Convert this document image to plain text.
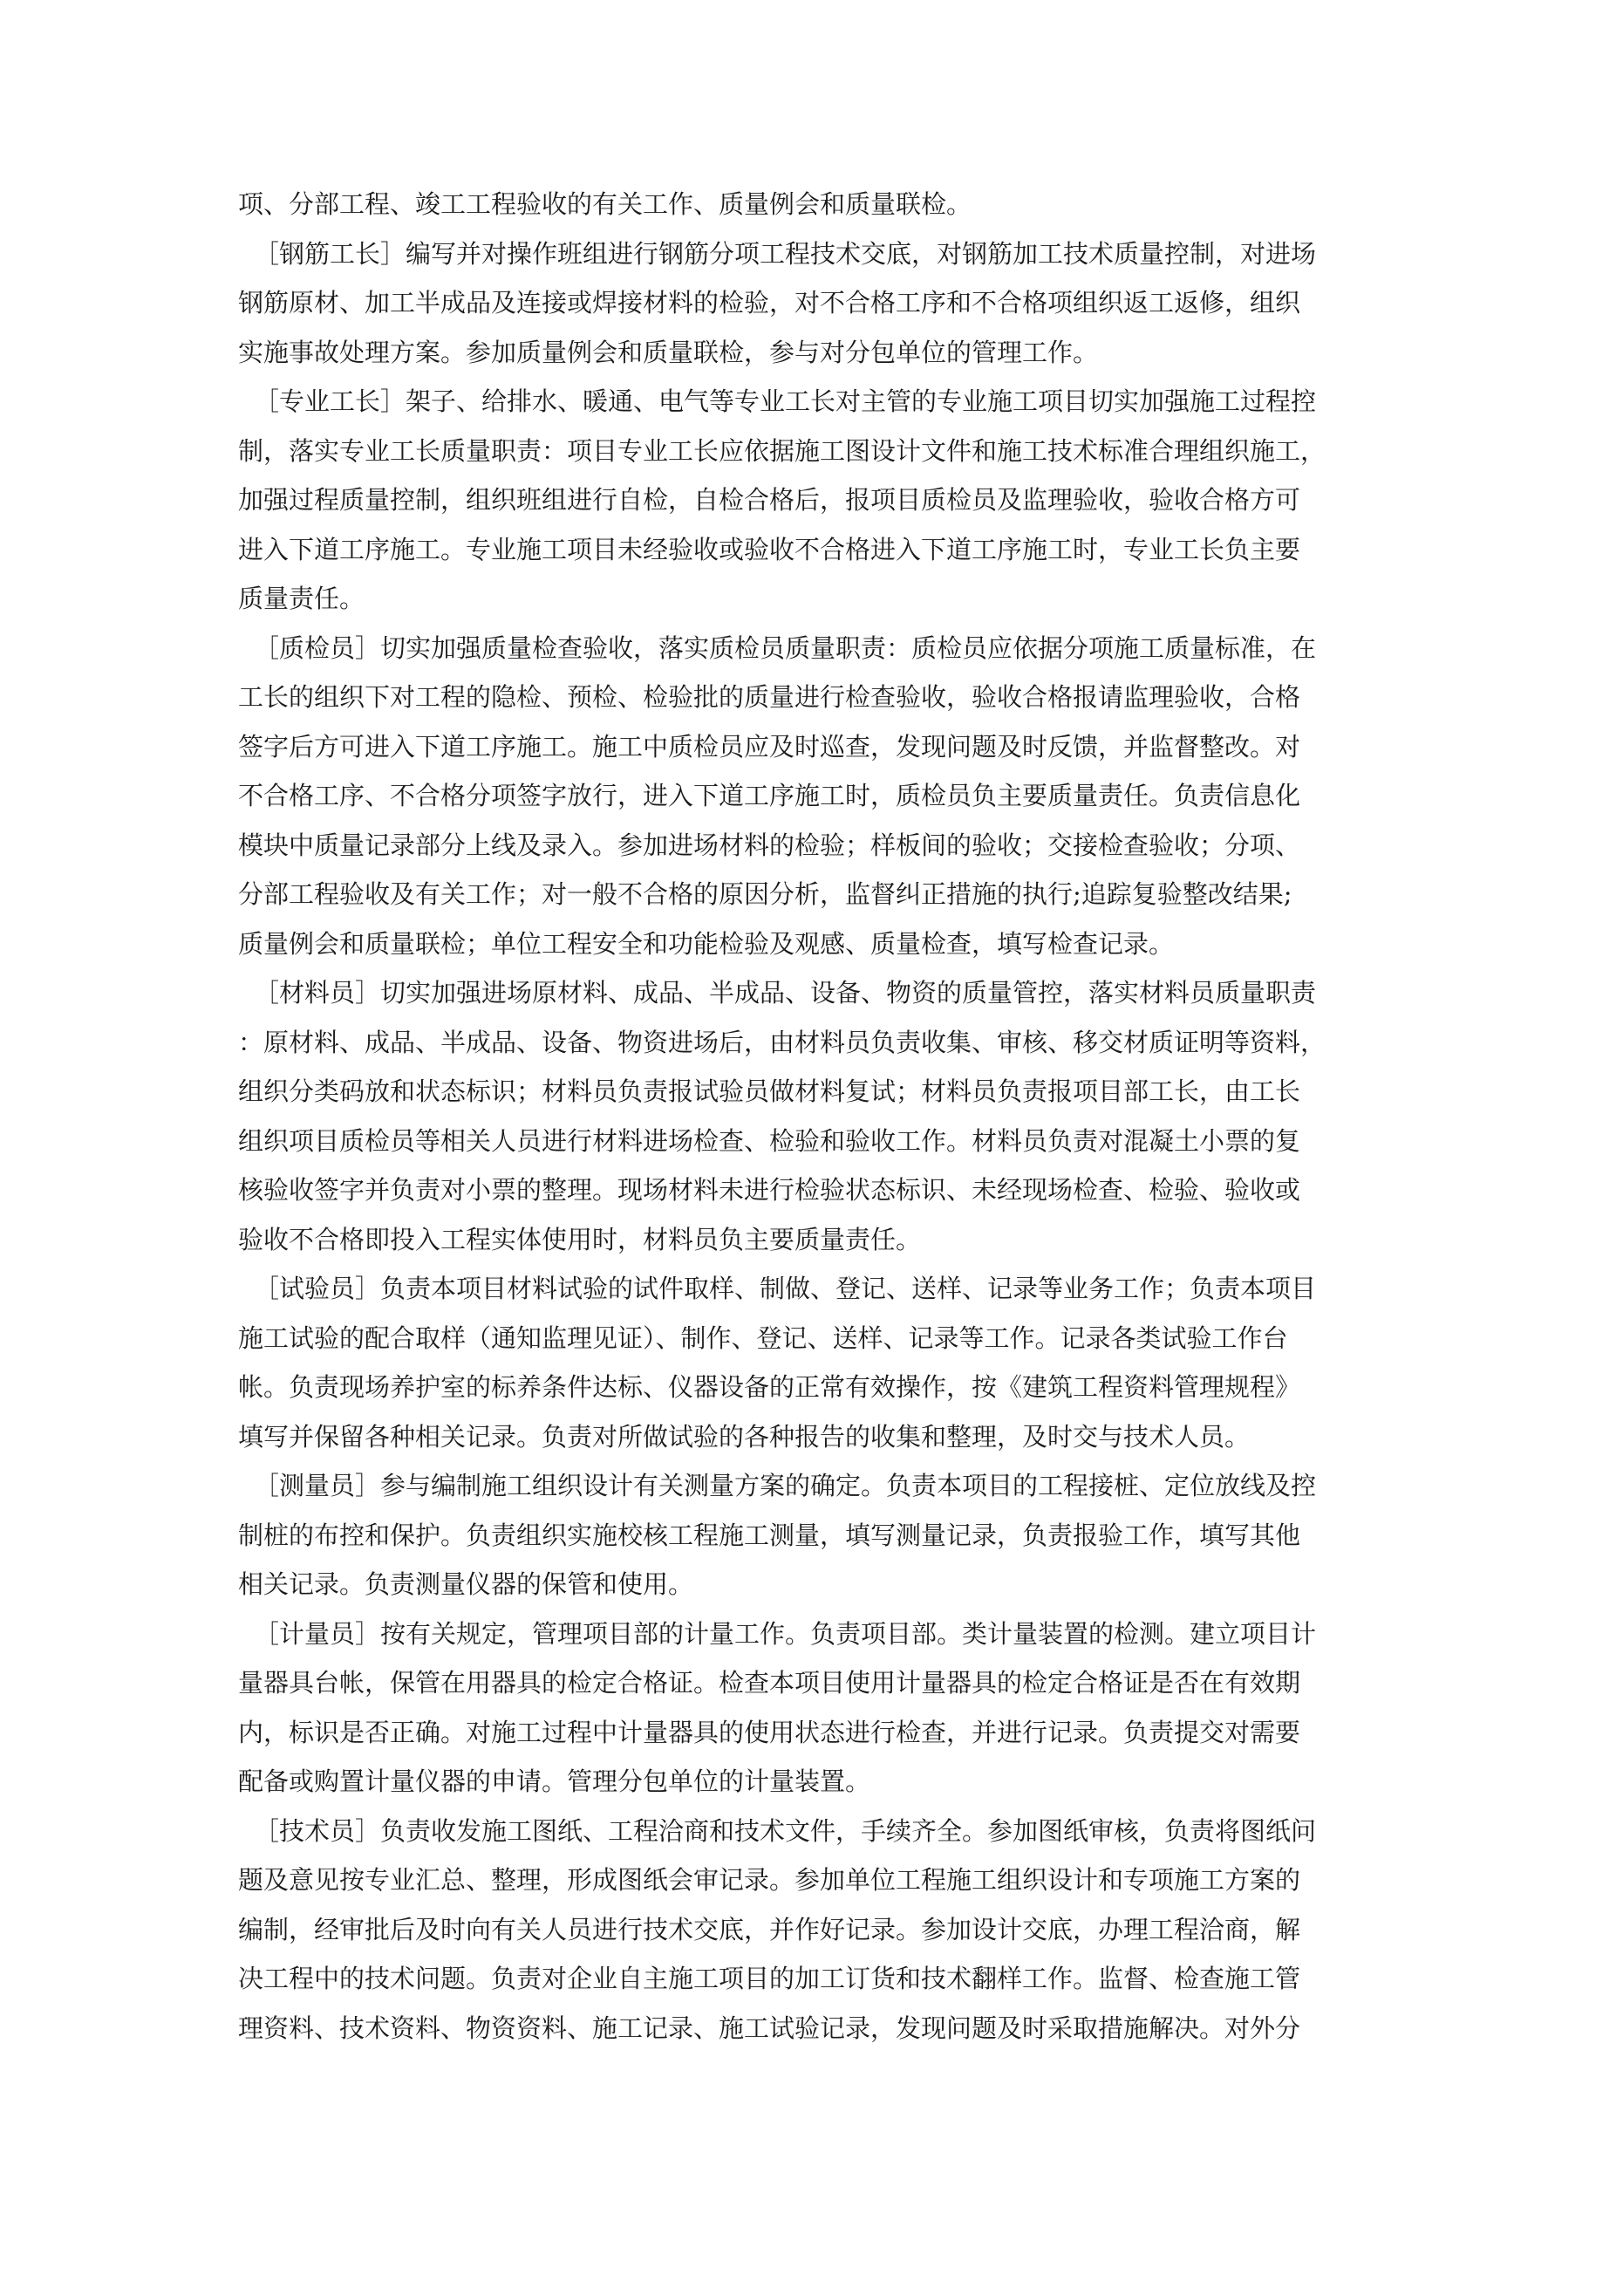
项、分部工程、竣工工程验收的有关工作、质量例会和质量联检。
［钢筋工长］编写并对操作班组进行钢筋分项工程技术交底，对钢筋加工技术质量控制，对进场
钢筋原材、加工半成品及连接或焊接材料的检验，对不合格工序和不合格项组织返工返修，组织
实施事故处理方案。参加质量例会和质量联检，参与对分包单位的管理工作。
［专业工长］架子、给排水、暖通、电气等专业工长对主管的专业施工项目切实加强施工过程控
制，落实专业工长质量职责：项目专业工长应依据施工图设计文件和施工技术标准合理组织施工，
加强过程质量控制，组织班组进行自检，自检合格后，报项目质检员及监理验收，验收合格方可
进入下道工序施工。专业施工项目未经验收或验收不合格进入下道工序施工时，专业工长负主要
质量责任。
［质检员］切实加强质量检查验收，落实质检员质量职责：质检员应依据分项施工质量标准，在
工长的组织下对工程的隐检、预检、检验批的质量进行检查验收，验收合格报请监理验收，合格
签字后方可进入下道工序施工。施工中质检员应及时巡查，发现问题及时反馈，并监督整改。对
不合格工序、不合格分项签字放行，进入下道工序施工时，质检员负主要质量责任。负责信息化
模块中质量记录部分上线及录入。参加进场材料的检验；样板间的验收；交接检查验收；分项、
分部工程验收及有关工作；对一般不合格的原因分析，监督纠正措施的执行;追踪复验整改结果;
质量例会和质量联检；单位工程安全和功能检验及观感、质量检查，填写检查记录。
［材料员］切实加强进场原材料、成品、半成品、设备、物资的质量管控，落实材料员质量职责
：原材料、成品、半成品、设备、物资进场后，由材料员负责收集、审核、移交材质证明等资料，
组织分类码放和状态标识；材料员负责报试验员做材料复试；材料员负责报项目部工长，由工长
组织项目质检员等相关人员进行材料进场检查、检验和验收工作。材料员负责对混凝土小票的复
核验收签字并负责对小票的整理。现场材料未进行检验状态标识、未经现场检查、检验、验收或
验收不合格即投入工程实体使用时，材料员负主要质量责任。
［试验员］负责本项目材料试验的试件取样、制做、登记、送样、记录等业务工作；负责本项目
施工试验的配合取样（通知监理见证）、制作、登记、送样、记录等工作。记录各类试验工作台
帐。负责现场养护室的标养条件达标、仪器设备的正常有效操作，按《建筑工程资料管理规程》
填写并保留各种相关记录。负责对所做试验的各种报告的收集和整理，及时交与技术人员。
［测量员］参与编制施工组织设计有关测量方案的确定。负责本项目的工程接桩、定位放线及控
制桩的布控和保护。负责组织实施校核工程施工测量，填写测量记录，负责报验工作，填写其他
相关记录。负责测量仪器的保管和使用。
［计量员］按有关规定，管理项目部的计量工作。负责项目部。类计量装置的检测。建立项目计
量器具台帐，保管在用器具的检定合格证。检查本项目使用计量器具的检定合格证是否在有效期
内，标识是否正确。对施工过程中计量器具的使用状态进行检查，并进行记录。负责提交对需要
配备或购置计量仪器的申请。管理分包单位的计量装置。
［技术员］负责收发施工图纸、工程洽商和技术文件，手续齐全。参加图纸审核，负责将图纸问
题及意见按专业汇总、整理，形成图纸会审记录。参加单位工程施工组织设计和专项施工方案的
编制，经审批后及时向有关人员进行技术交底，并作好记录。参加设计交底，办理工程洽商，解
决工程中的技术问题。负责对企业自主施工项目的加工订货和技术翻样工作。监督、检查施工管
理资料、技术资料、物资资料、施工记录、施工试验记录，发现问题及时采取措施解决。对外分
